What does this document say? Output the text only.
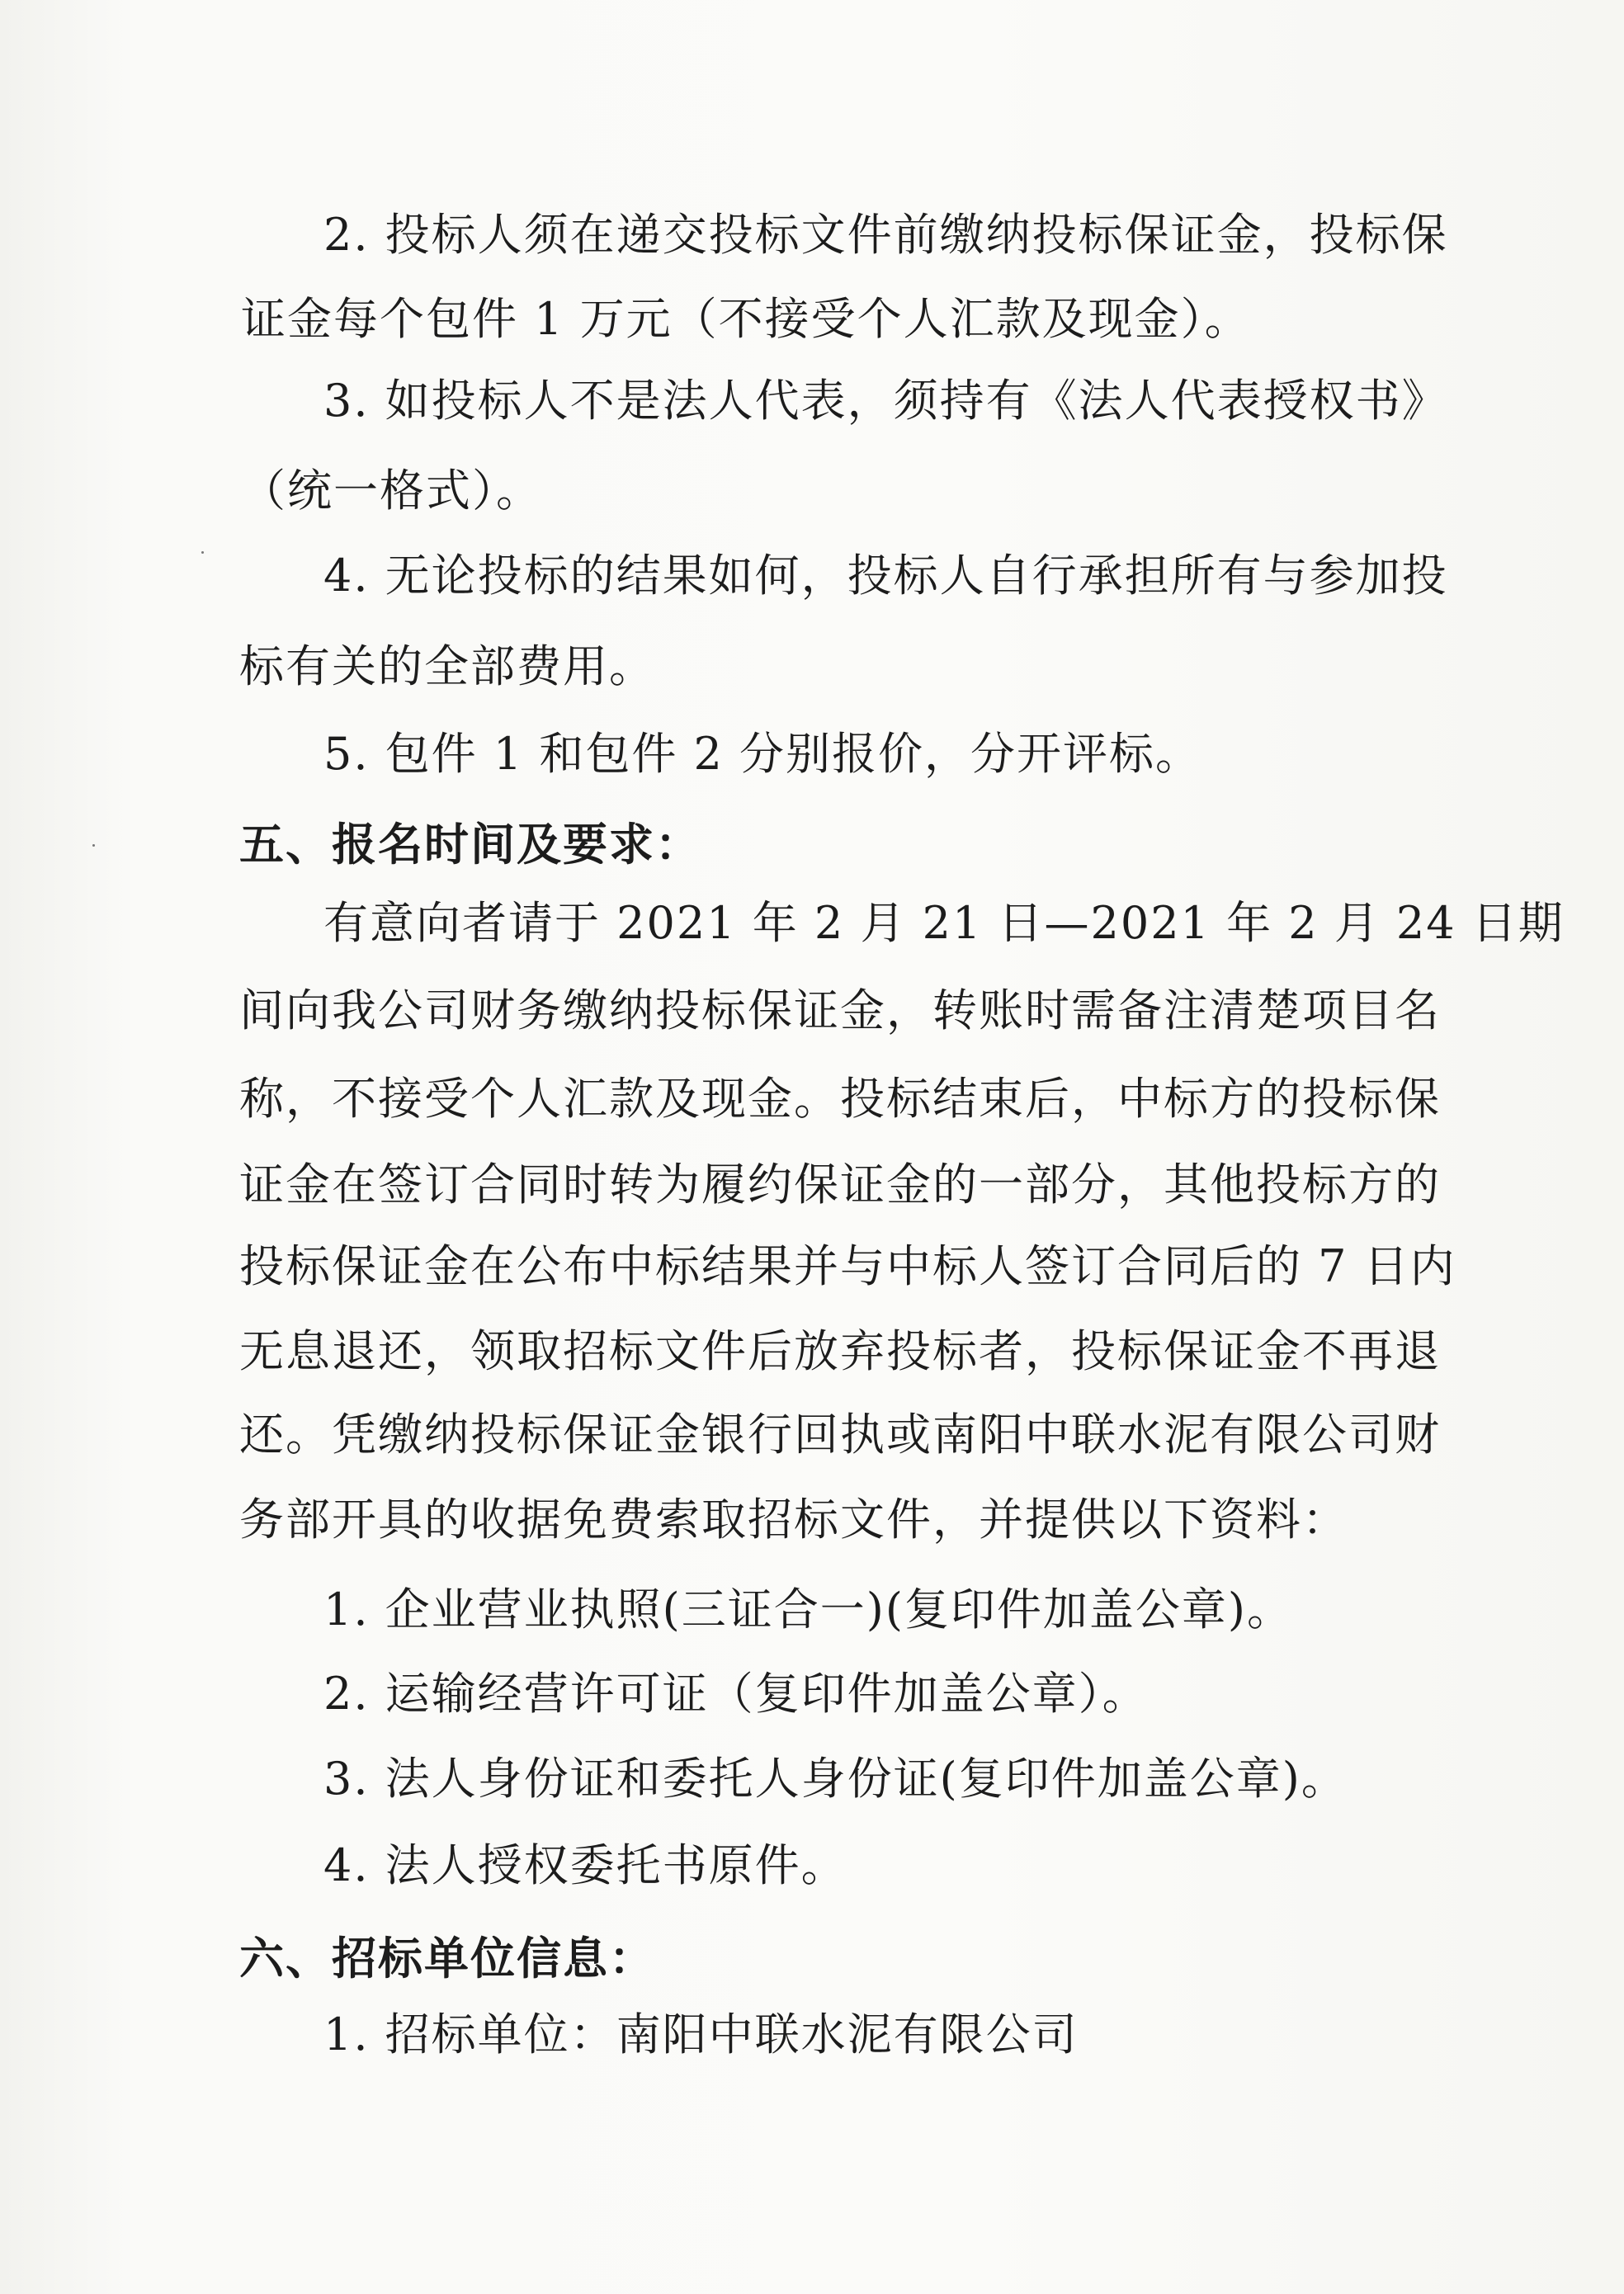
2. 投标人须在递交投标文件前缴纳投标保证金，投标保
证金每个包件 1 万元（不接受个人汇款及现金）。
3. 如投标人不是法人代表，须持有《法人代表授权书》
（统一格式）。
4. 无论投标的结果如何，投标人自行承担所有与参加投
标有关的全部费用。
5. 包件 1 和包件 2 分别报价，分开评标。
五、报名时间及要求：
有意向者请于 2021 年 2 月 21 日—2021 年 2 月 24 日期
间向我公司财务缴纳投标保证金，转账时需备注清楚项目名
称，不接受个人汇款及现金。投标结束后，中标方的投标保
证金在签订合同时转为履约保证金的一部分，其他投标方的
投标保证金在公布中标结果并与中标人签订合同后的 7 日内
无息退还，领取招标文件后放弃投标者，投标保证金不再退
还。凭缴纳投标保证金银行回执或南阳中联水泥有限公司财
务部开具的收据免费索取招标文件，并提供以下资料：
1. 企业营业执照(三证合一)(复印件加盖公章)。
2. 运输经营许可证（复印件加盖公章）。
3. 法人身份证和委托人身份证(复印件加盖公章)。
4. 法人授权委托书原件。
六、招标单位信息：
1. 招标单位：南阳中联水泥有限公司
